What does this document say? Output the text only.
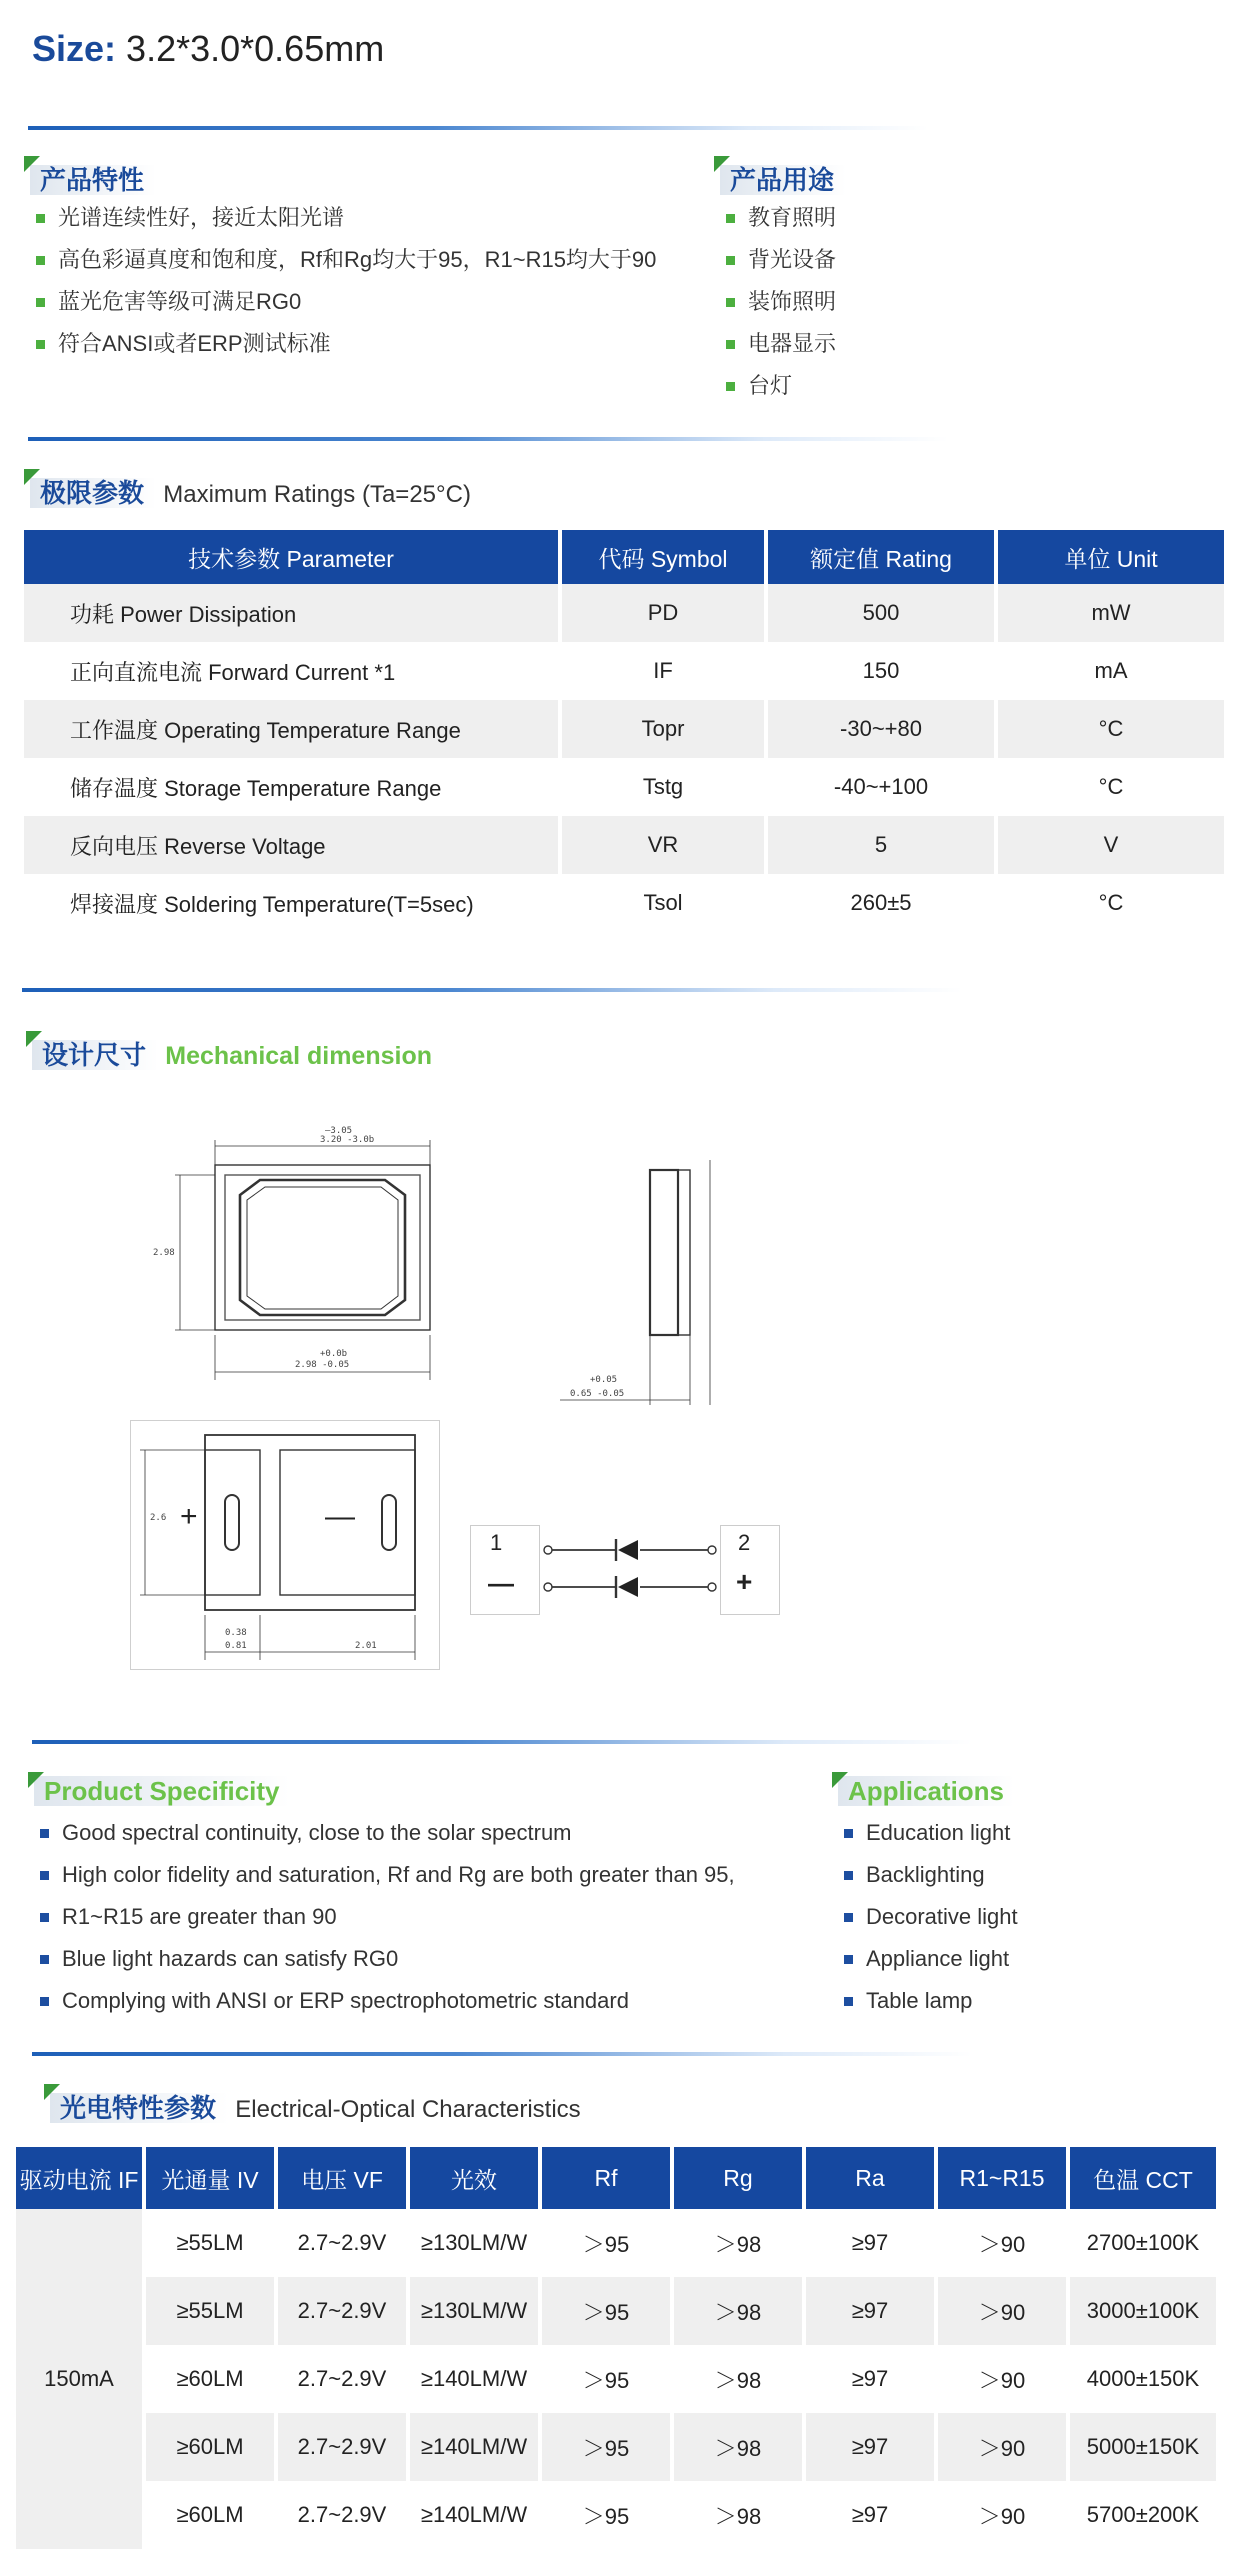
Size: 3.2*3.0*0.65mm
产品特性
光谱连续性好，接近太阳光谱
高色彩逼真度和饱和度，Rf和Rg均大于95，R1~R15均大于90
蓝光危害等级可满足RG0
符合ANSI或者ERP测试标准
产品用途
教育照明
背光设备
装饰照明
电器显示
台灯
极限参数 Maximum Ratings (Ta=25°C)
技术参数 Parameter	代码 Symbol	额定值 Rating	单位 Unit
功耗 Power Dissipation	PD	500	mW
正向直流电流 Forward Current *1	IF	150	mA
工作温度 Operating Temperature Range	Topr	-30~+80	°C
储存温度 Storage Temperature Range	Tstg	-40~+100	°C
反向电压 Reverse Voltage	VR	5	V
焊接温度 Soldering Temperature(T=5sec)	Tsol	260±5	°C
设计尺寸 Mechanical dimension
—3.05
3.20 -3.0b
2.98
+0.0b
2.98 -0.05
+0.05
0.65 -0.05
2.6
0.38
0.81	2.01
+	—
1	2
—	+
Product Specificity
Good spectral continuity, close to the solar spectrum
High color fidelity and saturation, Rf and Rg are both greater than 95,
R1~R15 are greater than 90
Blue light hazards can satisfy RG0
Complying with ANSI or ERP spectrophotometric standard
Applications
Education light
Backlighting
Decorative light
Appliance light
Table lamp
光电特性参数 Electrical-Optical Characteristics
驱动电流 IF	光通量 IV	电压 VF	光效	Rf	Rg	Ra	R1~R15	色温 CCT
150mA	≥55LM	2.7~2.9V	≥130LM/W	＞95	＞98	≥97	＞90	2700±100K
	≥55LM	2.7~2.9V	≥130LM/W	＞95	＞98	≥97	＞90	3000±100K
	≥60LM	2.7~2.9V	≥140LM/W	＞95	＞98	≥97	＞90	4000±150K
	≥60LM	2.7~2.9V	≥140LM/W	＞95	＞98	≥97	＞90	5000±150K
	≥60LM	2.7~2.9V	≥140LM/W	＞95	＞98	≥97	＞90	5700±200K
